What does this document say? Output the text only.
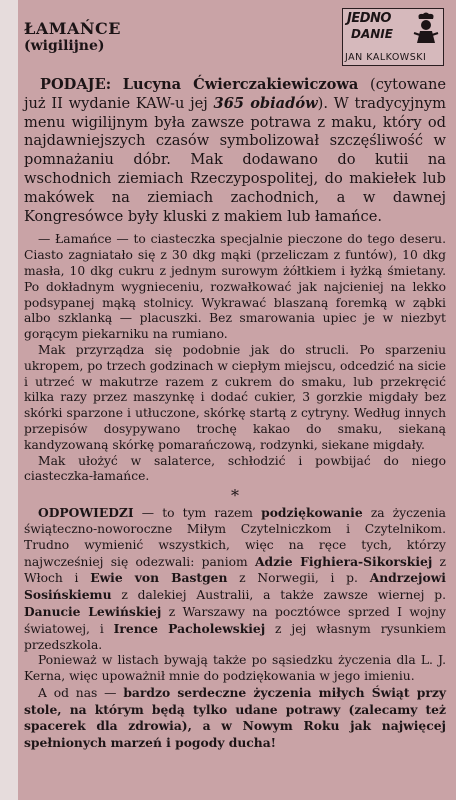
ŁAMAŃCE
(wigilijne)
JEDNO
DANIE
JAN KALKOWSKI

PODAJE: Lucyna Ćwierczakiewiczowa (cytowane już II wydanie KAW-u jej 365 obiadów). W tradycyjnym menu wigilijnym była zawsze potrawa z maku, który od najdawniejszych czasów symbolizował szczęśliwość w pomnażaniu dóbr. Mak dodawano do kutii na wschodnich ziemiach Rzeczypospolitej, do makiełek lub makówek na ziemiach zachodnich, a w dawnej Kongresówce były kluski z makiem lub łamańce.

— Łamańce — to ciasteczka specjalnie pieczone do tego deseru. Ciasto zagniatało się z 30 dkg mąki (przeliczam z funtów), 10 dkg masła, 10 dkg cukru z jednym surowym żółtkiem i łyżką śmietany. Po dokładnym wygnieceniu, rozwałkować jak najcieniej na lekko podsypanej mąką stolnicy. Wykrawać blaszaną foremką w ząbki albo szklanką — placuszki. Bez smarowania upiec je w niezbyt gorącym piekarniku na rumiano.

Mak przyrządza się podobnie jak do strucli. Po sparzeniu ukropem, po trzech godzinach w ciepłym miejscu, odcedzić na sicie i utrzeć w makutrze razem z cukrem do smaku, lub przekręcić kilka razy przez maszynkę i dodać cukier, 3 gorzkie migdały bez skórki sparzone i utłuczone, skórkę startą z cytryny. Według innych przepisów dosypywano trochę kakao do smaku, siekaną kandyzowaną skórkę pomarańczową, rodzynki, siekane migdały.

Mak ułożyć w salaterce, schłodzić i powbijać do niego ciasteczka-łamańce.

*

ODPOWIEDZI — to tym razem podziękowanie za życzenia świąteczno-noworoczne Miłym Czytelniczkom i Czytelnikom. Trudno wymienić wszystkich, więc na ręce tych, którzy najwcześniej się odezwali: paniom Adzie Fighiera-Sikorskiej z Włoch i Ewie von Bastgen z Norwegii, i p. Andrzejowi Sosińskiemu z dalekiej Australii, a także zawsze wiernej p. Danucie Lewińskiej z Warszawy na pocztówce sprzed I wojny światowej, i Irence Pacholewskiej z jej własnym rysunkiem przedszkola.

Ponieważ w listach bywają także po sąsiedzku życzenia dla L. J. Kerna, więc upoważnił mnie do podziękowania w jego imieniu.

A od nas — bardzo serdeczne życzenia miłych Świąt przy stole, na którym będą tylko udane potrawy (zalecamy też spacerek dla zdrowia), a w Nowym Roku jak najwięcej spełnionych marzeń i pogody ducha!
